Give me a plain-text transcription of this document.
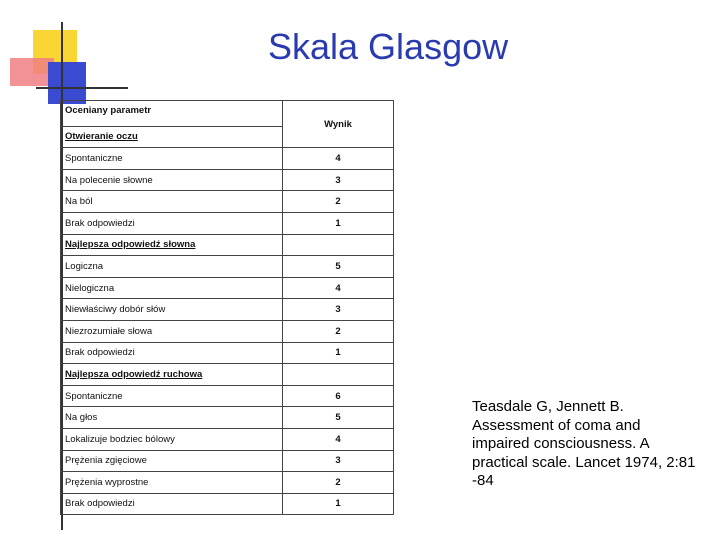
Skala Glasgow
Oceniany parametr	Wynik
Otwieranie oczu	
Spontaniczne	4
Na polecenie słowne	3
Na ból	2
Brak odpowiedzi	1
Najlepsza odpowiedź słowna	
Logiczna	5
Nielogiczna	4
Niewłaściwy dobór słów	3
Niezrozumiałe słowa	2
Brak odpowiedzi	1
Najlepsza odpowiedź ruchowa	
Spontaniczne	6
Na głos	5
Lokalizuje bodziec bólowy	4
Prężenia zgięciowe	3
Prężenia wyprostne	2
Brak odpowiedzi	1

Teasdale G, Jennett B.
Assessment of coma and
impaired consciousness. A
practical scale. Lancet 1974, 2:81
-84
